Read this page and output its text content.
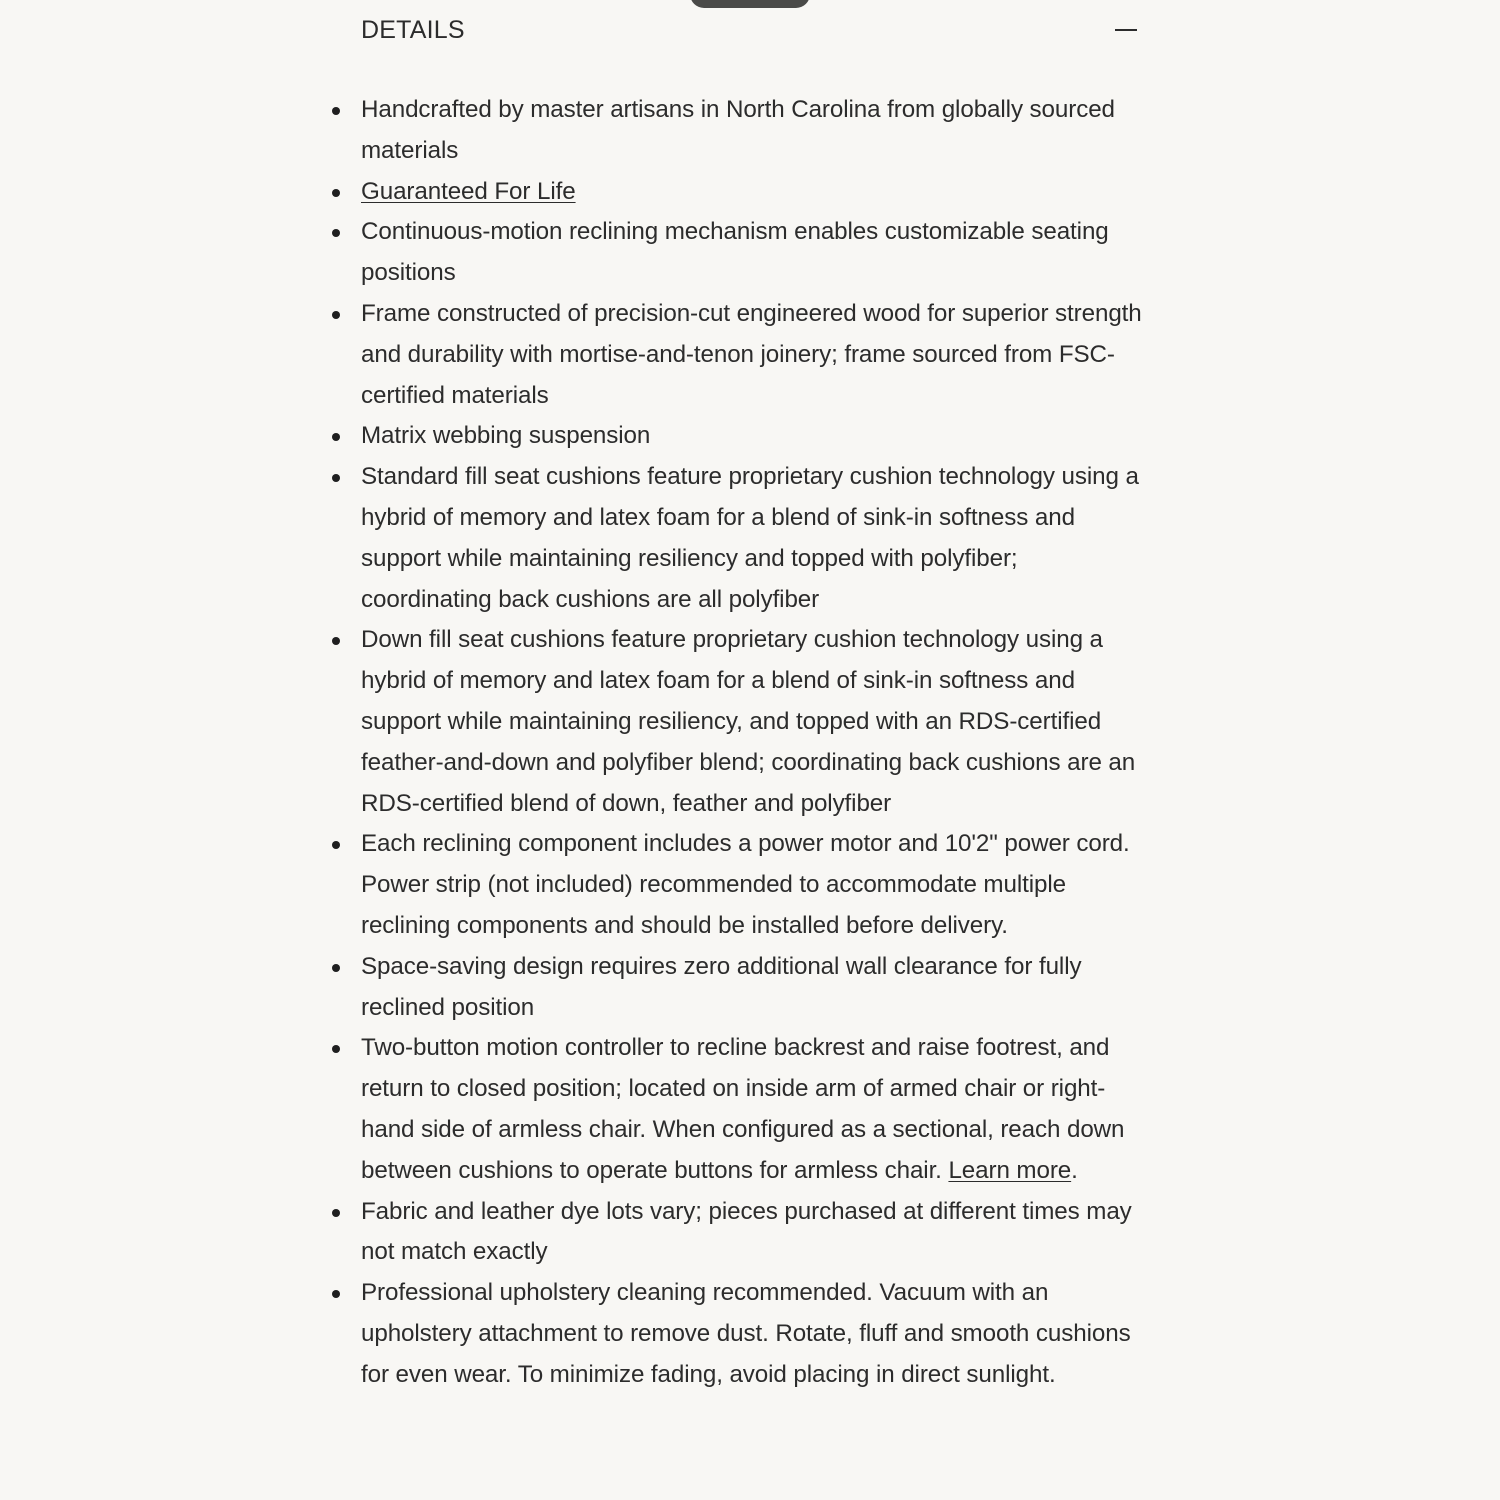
DETAILS
Handcrafted by master artisans in North Carolina from globally sourced materials
Guaranteed For Life
Continuous-motion reclining mechanism enables customizable seating positions
Frame constructed of precision-cut engineered wood for superior strength and durability with mortise-and-tenon joinery; frame sourced from FSC-certified materials
Matrix webbing suspension
Standard fill seat cushions feature proprietary cushion technology using a hybrid of memory and latex foam for a blend of sink-in softness and support while maintaining resiliency and topped with polyfiber; coordinating back cushions are all polyfiber
Down fill seat cushions feature proprietary cushion technology using a hybrid of memory and latex foam for a blend of sink-in softness and support while maintaining resiliency, and topped with an RDS-certified feather-and-down and polyfiber blend; coordinating back cushions are an RDS-certified blend of down, feather and polyfiber
Each reclining component includes a power motor and 10'2" power cord. Power strip (not included) recommended to accommodate multiple reclining components and should be installed before delivery.
Space-saving design requires zero additional wall clearance for fully reclined position
Two-button motion controller to recline backrest and raise footrest, and return to closed position; located on inside arm of armed chair or right-hand side of armless chair. When configured as a sectional, reach down between cushions to operate buttons for armless chair. Learn more.
Fabric and leather dye lots vary; pieces purchased at different times may not match exactly
Professional upholstery cleaning recommended. Vacuum with an upholstery attachment to remove dust. Rotate, fluff and smooth cushions for even wear. To minimize fading, avoid placing in direct sunlight.
